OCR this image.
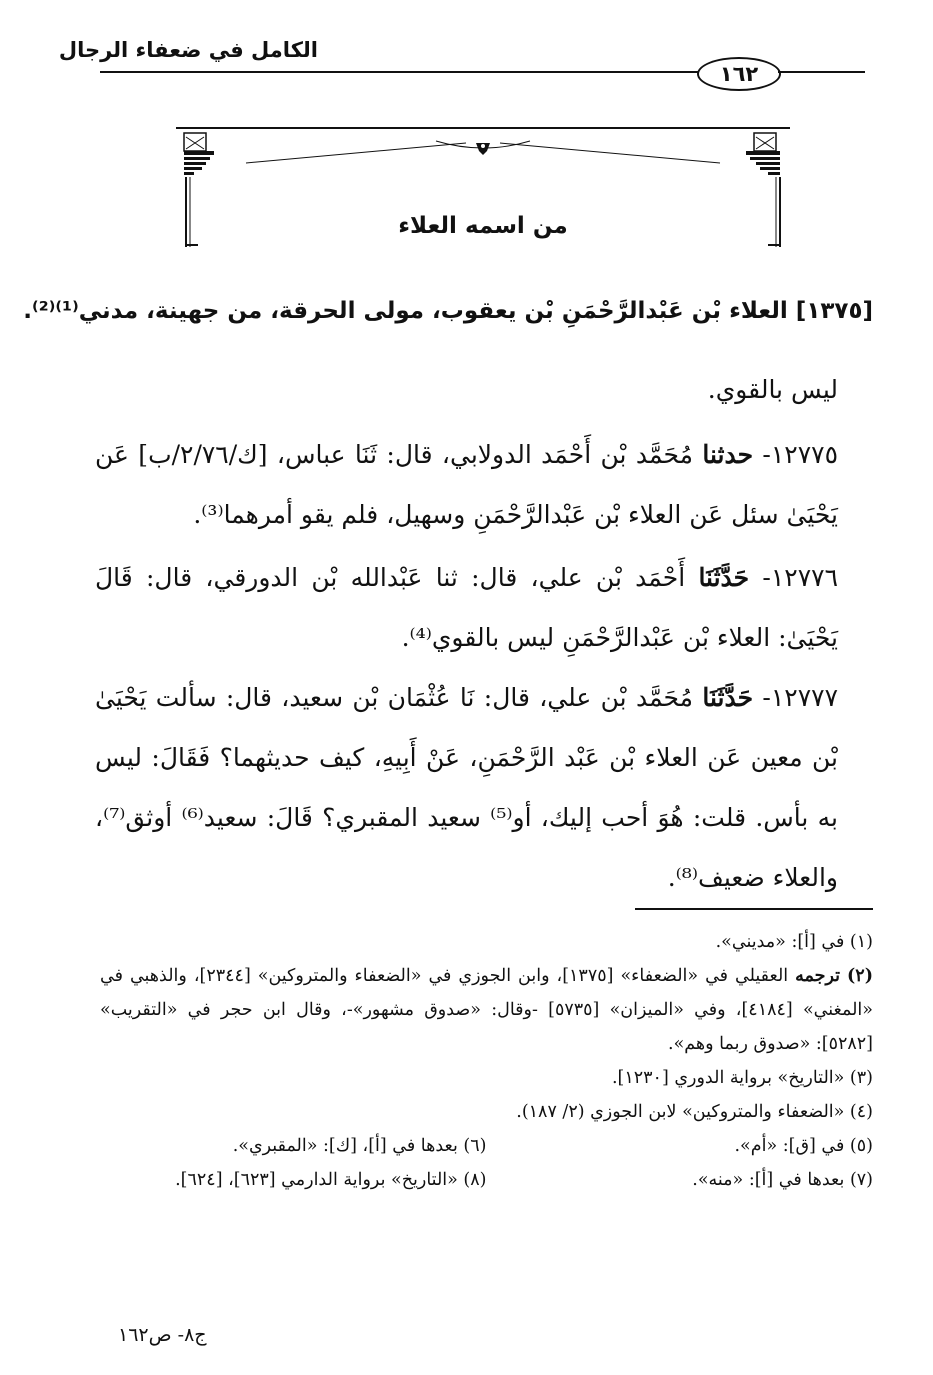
الكامل في ضعفاء الرجال
١٦٢
من اسمه العلاء
[١٣٧٥] العلاء بْن عَبْدالرَّحْمَنِ بْن يعقوب، مولى الحرقة، من جهينة، مدني⁽¹⁾⁽²⁾.
ليس بالقوي.
١٢٧٧٥- حدثنا مُحَمَّد بْن أَحْمَد الدولابي، قال: ثَنَا عباس، [ك/٢/٧٦/ب] عَن يَحْيَىٰ سئل عَن العلاء بْن عَبْدالرَّحْمَنِ وسهيل، فلم يقو أمرهما⁽³⁾.
١٢٧٧٦- حَدَّثَنَا أَحْمَد بْن علي، قال: ثنا عَبْدالله بْن الدورقي، قال: قَالَ يَحْيَىٰ: العلاء بْن عَبْدالرَّحْمَنِ ليس بالقوي⁽⁴⁾.
١٢٧٧٧- حَدَّثَنَا مُحَمَّد بْن علي، قال: نَا عُثْمَان بْن سعيد، قال: سألت يَحْيَىٰ بْن معين عَن العلاء بْن عَبْد الرَّحْمَنِ، عَنْ أَبِيهِ، كيف حديثهما؟ فَقَالَ: ليس به بأس. قلت: هُوَ أحب إليك، أو⁽⁵⁾ سعيد المقبري؟ قَالَ: سعيد⁽⁶⁾ أوثق⁽⁷⁾، والعلاء ضعيف⁽⁸⁾.
(١) في [أ]: «مديني».
(٢) ترجمه العقيلي في «الضعفاء» [١٣٧٥]، وابن الجوزي في «الضعفاء والمتروكين» [٢٣٤٤]، والذهبي في «المغني» [٤١٨٤]، وفي «الميزان» [٥٧٣٥] -وقال: «صدوق مشهور»-، وقال ابن حجر في «التقريب» [٥٢٨٢]: «صدوق ربما وهم».
(٣) «التاريخ» برواية الدوري [١٢٣٠].
(٤) «الضعفاء والمتروكين» لابن الجوزي (٢/ ١٨٧).
(٥) في [ق]: «أم».
(٦) بعدها في [أ]، [ك]: «المقبري».
(٧) بعدها في [أ]: «منه».
(٨) «التاريخ» برواية الدارمي [٦٢٣]، [٦٢٤].
ج٨- ص١٦٢
